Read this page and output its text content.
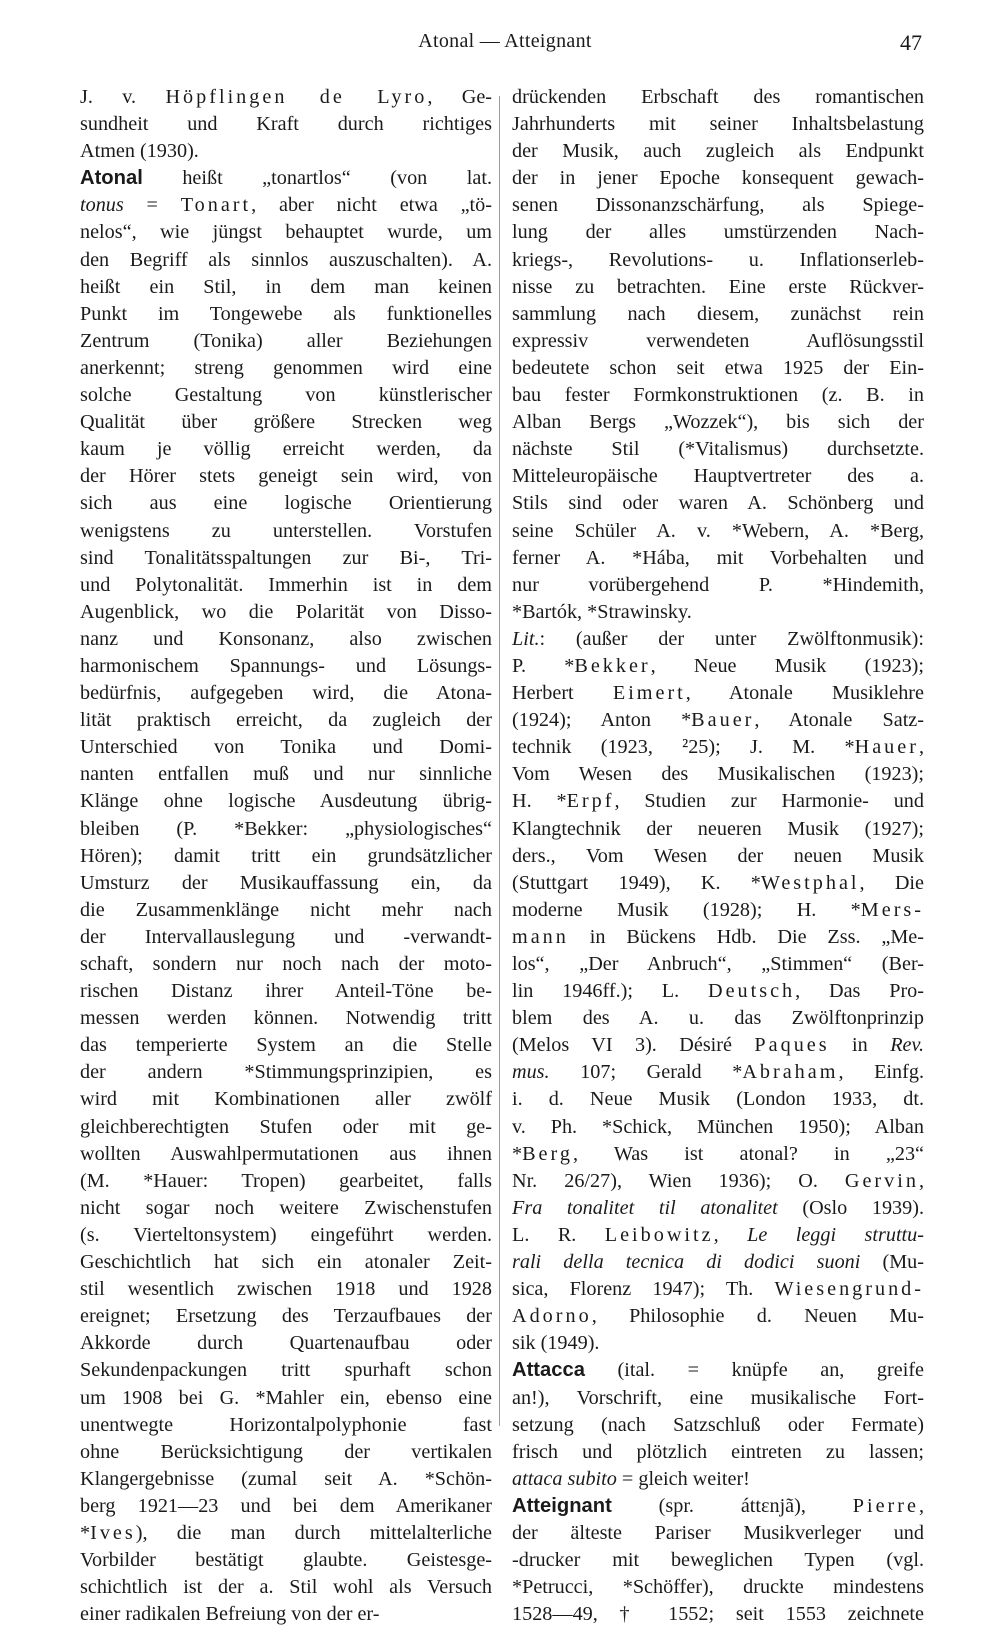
Atonal — Atteignant	47
J. v. Höpflingen de Lyro, Ge-
sundheit und Kraft durch richtiges
Atmen (1930).
Atonal heißt „tonartlos“ (von lat.
tonus = Tonart, aber nicht etwa „tö-
nelos“, wie jüngst behauptet wurde, um
den Begriff als sinnlos auszuschalten). A.
heißt ein Stil, in dem man keinen
Punkt im Tongewebe als funktionelles
Zentrum (Tonika) aller Beziehungen
anerkennt; streng genommen wird eine
solche Gestaltung von künstlerischer
Qualität über größere Strecken weg
kaum je völlig erreicht werden, da
der Hörer stets geneigt sein wird, von
sich aus eine logische Orientierung
wenigstens zu unterstellen. Vorstufen
sind Tonalitätsspaltungen zur Bi-, Tri-
und Polytonalität. Immerhin ist in dem
Augenblick, wo die Polarität von Disso-
nanz und Konsonanz, also zwischen
harmonischem Spannungs- und Lösungs-
bedürfnis, aufgegeben wird, die Atona-
lität praktisch erreicht, da zugleich der
Unterschied von Tonika und Domi-
nanten entfallen muß und nur sinnliche
Klänge ohne logische Ausdeutung übrig-
bleiben (P. *Bekker: „physiologisches“
Hören); damit tritt ein grundsätzlicher
Umsturz der Musikauffassung ein, da
die Zusammenklänge nicht mehr nach
der Intervallauslegung und -verwandt-
schaft, sondern nur noch nach der moto-
rischen Distanz ihrer Anteil-Töne be-
messen werden können. Notwendig tritt
das temperierte System an die Stelle
der andern *Stimmungsprinzipien, es
wird mit Kombinationen aller zwölf
gleichberechtigten Stufen oder mit ge-
wollten Auswahlpermutationen aus ihnen
(M. *Hauer: Tropen) gearbeitet, falls
nicht sogar noch weitere Zwischenstufen
(s. Vierteltonsystem) eingeführt werden.
Geschichtlich hat sich ein atonaler Zeit-
stil wesentlich zwischen 1918 und 1928
ereignet; Ersetzung des Terzaufbaues der
Akkorde durch Quartenaufbau oder
Sekundenpackungen tritt spurhaft schon
um 1908 bei G. *Mahler ein, ebenso eine
unentwegte Horizontalpolyphonie fast
ohne Berücksichtigung der vertikalen
Klangergebnisse (zumal seit A. *Schön-
berg 1921—23 und bei dem Amerikaner
*Ives), die man durch mittelalterliche
Vorbilder bestätigt glaubte. Geistesge-
schichtlich ist der a. Stil wohl als Versuch
einer radikalen Befreiung von der er-
drückenden Erbschaft des romantischen
Jahrhunderts mit seiner Inhaltsbelastung
der Musik, auch zugleich als Endpunkt
der in jener Epoche konsequent gewach-
senen Dissonanzschärfung, als Spiege-
lung der alles umstürzenden Nach-
kriegs-, Revolutions- u. Inflationserleb-
nisse zu betrachten. Eine erste Rückver-
sammlung nach diesem, zunächst rein
expressiv verwendeten Auflösungsstil
bedeutete schon seit etwa 1925 der Ein-
bau fester Formkonstruktionen (z. B. in
Alban Bergs „Wozzek“), bis sich der
nächste Stil (*Vitalismus) durchsetzte.
Mitteleuropäische Hauptvertreter des a.
Stils sind oder waren A. Schönberg und
seine Schüler A. v. *Webern, A. *Berg,
ferner A. *Hába, mit Vorbehalten und
nur vorübergehend P. *Hindemith,
*Bartók, *Strawinsky.
Lit.: (außer der unter Zwölftonmusik):
P. *Bekker, Neue Musik (1923);
Herbert Eimert, Atonale Musiklehre
(1924); Anton *Bauer, Atonale Satz-
technik (1923, ²25); J. M. *Hauer,
Vom Wesen des Musikalischen (1923);
H. *Erpf, Studien zur Harmonie- und
Klangtechnik der neueren Musik (1927);
ders., Vom Wesen der neuen Musik
(Stuttgart 1949), K. *Westphal, Die
moderne Musik (1928); H. *Mers-
mann in Bückens Hdb. Die Zss. „Me-
los“, „Der Anbruch“, „Stimmen“ (Ber-
lin 1946ff.); L. Deutsch, Das Pro-
blem des A. u. das Zwölftonprinzip
(Melos VI 3). Désiré Paques in Rev.
mus. 107; Gerald *Abraham, Einfg.
i. d. Neue Musik (London 1933, dt.
v. Ph. *Schick, München 1950); Alban
*Berg, Was ist atonal? in „23“
Nr. 26/27), Wien 1936); O. Gervin,
Fra tonalitet til atonalitet (Oslo 1939).
L. R. Leibowitz, Le leggi struttu-
rali della tecnica di dodici suoni (Mu-
sica, Florenz 1947); Th. Wiesengrund-
Adorno, Philosophie d. Neuen Mu-
sik (1949).
Attacca (ital. = knüpfe an, greife
an!), Vorschrift, eine musikalische Fort-
setzung (nach Satzschluß oder Fermate)
frisch und plötzlich eintreten zu lassen;
attaca subito = gleich weiter!
Atteignant (spr. áttɛnjã), Pierre,
der älteste Pariser Musikverleger und
-drucker mit beweglichen Typen (vgl.
*Petrucci, *Schöffer), druckte mindestens
1528—49, † 1552; seit 1553 zeichnete
